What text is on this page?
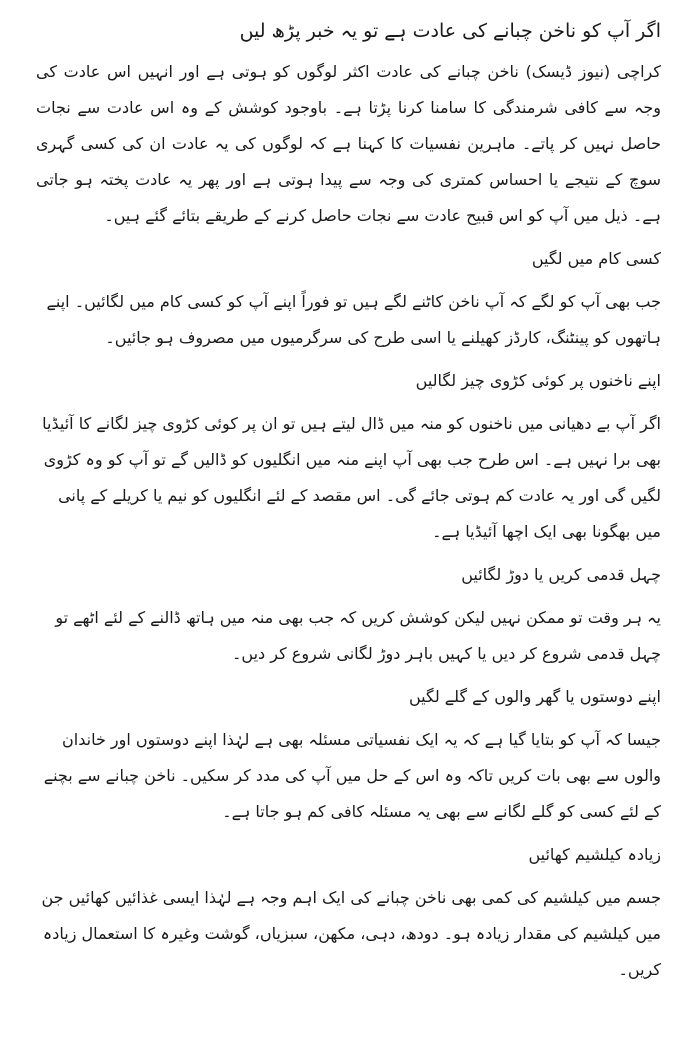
اگر آپ کو ناخن چبانے کی عادت ہے تو یہ خبر پڑھ لیں

کراچی (نیوز ڈیسک) ناخن چبانے کی عادت اکثر لوگوں کو ہوتی ہے اور انہیں اس عادت کی وجہ سے کافی شرمندگی کا سامنا کرنا پڑتا ہے۔ باوجود کوشش کے وہ اس عادت سے نجات حاصل نہیں کر پاتے۔ ماہرین نفسیات کا کہنا ہے کہ لوگوں کی یہ عادت ان کی کسی گہری سوچ کے نتیجے یا احساس کمتری کی وجہ سے پیدا ہوتی ہے اور پھر یہ عادت پختہ ہو جاتی ہے۔ ذیل میں آپ کو اس قبیح عادت سے نجات حاصل کرنے کے طریقے بتائے گئے ہیں۔

کسی کام میں لگیں

جب بھی آپ کو لگے کہ آپ ناخن کاٹنے لگے ہیں تو فوراً اپنے آپ کو کسی کام میں لگائیں۔ اپنے ہاتھوں کو پینٹنگ، کارڈز کھیلنے یا اسی طرح کی سرگرمیوں میں مصروف ہو جائیں۔

اپنے ناخنوں پر کوئی کڑوی چیز لگالیں

اگر آپ بے دھیانی میں ناخنوں کو منہ میں ڈال لیتے ہیں تو ان پر کوئی کڑوی چیز لگانے کا آئیڈیا بھی برا نہیں ہے۔ اس طرح جب بھی آپ اپنے منہ میں انگلیوں کو ڈالیں گے تو آپ کو وہ کڑوی لگیں گی اور یہ عادت کم ہوتی جائے گی۔ اس مقصد کے لئے انگلیوں کو نیم یا کریلے کے پانی میں بھگونا بھی ایک اچھا آئیڈیا ہے۔

چہل قدمی کریں یا دوڑ لگائیں

یہ ہر وقت تو ممکن نہیں لیکن کوشش کریں کہ جب بھی منہ میں ہاتھ ڈالنے کے لئے اٹھے تو چہل قدمی شروع کر دیں یا کہیں باہر دوڑ لگانی شروع کر دیں۔

اپنے دوستوں یا گھر والوں کے گلے لگیں

جیسا کہ آپ کو بتایا گیا ہے کہ یہ ایک نفسیاتی مسئلہ بھی ہے لہٰذا اپنے دوستوں اور خاندان والوں سے بھی بات کریں تاکہ وہ اس کے حل میں آپ کی مدد کر سکیں۔ ناخن چبانے سے بچنے کے لئے کسی کو گلے لگانے سے بھی یہ مسئلہ کافی کم ہو جاتا ہے۔

زیادہ کیلشیم کھائیں

جسم میں کیلشیم کی کمی بھی ناخن چبانے کی ایک اہم وجہ ہے لہٰذا ایسی غذائیں کھائیں جن میں کیلشیم کی مقدار زیادہ ہو۔ دودھ، دہی، مکھن، سبزیاں، گوشت وغیرہ کا استعمال زیادہ کریں۔
